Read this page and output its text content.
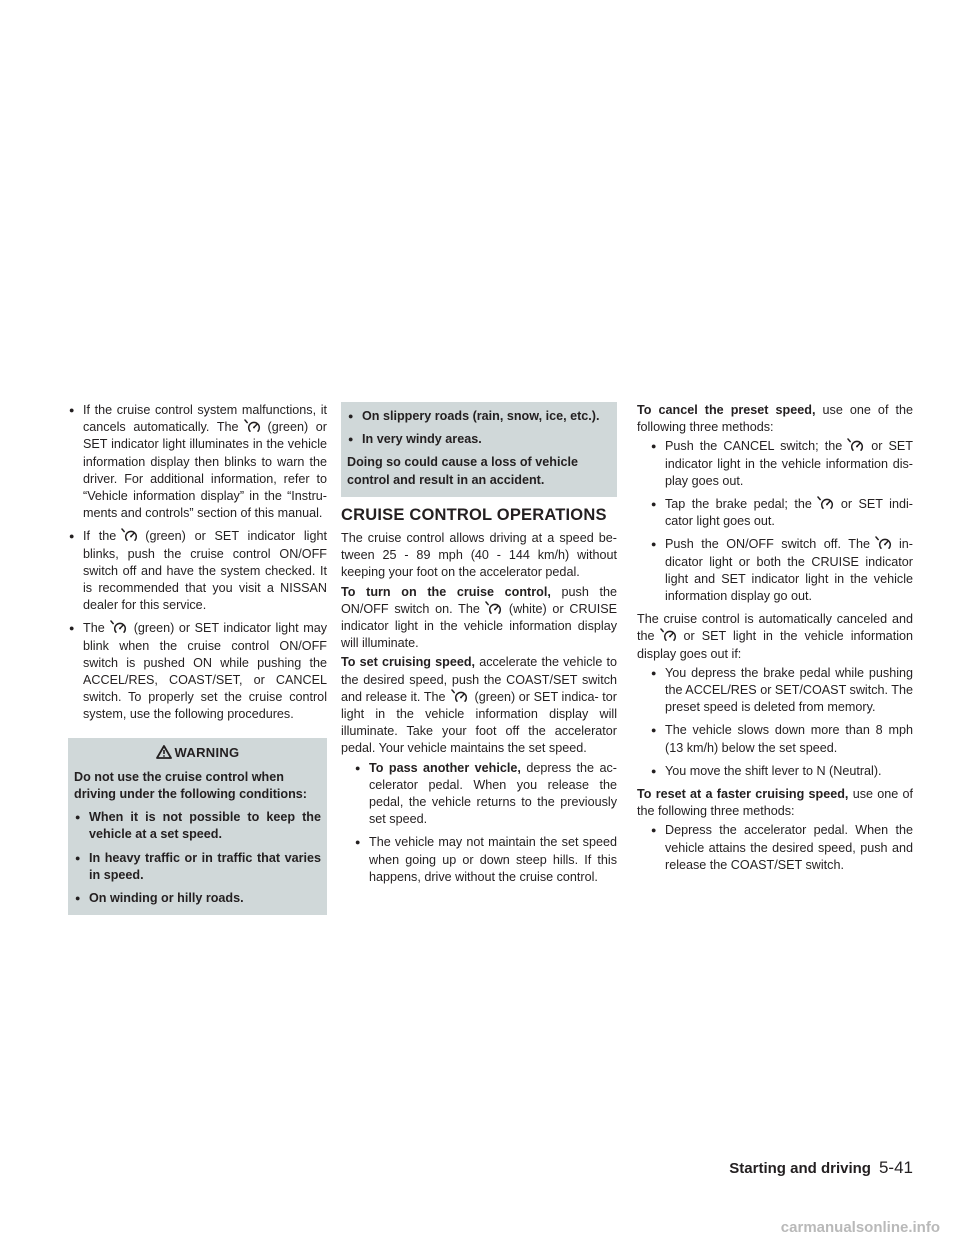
● If the cruise control system malfunctions, it cancels automatically. The (green) or SET indicator light illuminates in the vehicle information display then blinks to warn the driver. For additional information, refer to “Vehicle information display” in the “Instru- ments and controls” section of this manual.

● If the (green) or SET indicator light blinks, push the cruise control ON/OFF switch off and have the system checked. It is recommended that you visit a NISSAN dealer for this service.

● The (green) or SET indicator light may blink when the cruise control ON/OFF switch is pushed ON while pushing the ACCEL/RES, COAST/SET, or CANCEL switch. To properly set the cruise control system, use the following procedures.

WARNING

Do not use the cruise control when driving under the following conditions:

● When it is not possible to keep the vehicle at a set speed.

● In heavy traffic or in traffic that varies in speed.

● On winding or hilly roads.

● On slippery roads (rain, snow, ice, etc.).

● In very windy areas.

Doing so could cause a loss of vehicle control and result in an accident.

CRUISE CONTROL OPERATIONS

The cruise control allows driving at a speed be- tween 25 - 89 mph (40 - 144 km/h) without keeping your foot on the accelerator pedal.

To turn on the cruise control, push the ON/OFF switch on. The (white) or CRUISE indicator light in the vehicle information display will illuminate.

To set cruising speed, accelerate the vehicle to the desired speed, push the COAST/SET switch and release it. The (green) or SET indica- tor light in the vehicle information display will illuminate. Take your foot off the accelerator pedal. Your vehicle maintains the set speed.

● To pass another vehicle, depress the ac- celerator pedal. When you release the pedal, the vehicle returns to the previously set speed.

● The vehicle may not maintain the set speed when going up or down steep hills. If this happens, drive without the cruise control.

To cancel the preset speed, use one of the following three methods:

● Push the CANCEL switch; the or SET indicator light in the vehicle information dis- play goes out.

● Tap the brake pedal; the or SET indi- cator light goes out.

● Push the ON/OFF switch off. The in- dicator light or both the CRUISE indicator light and SET indicator light in the vehicle information display go out.

The cruise control is automatically canceled and the or SET light in the vehicle information display goes out if:

● You depress the brake pedal while pushing the ACCEL/RES or SET/COAST switch. The preset speed is deleted from memory.

● The vehicle slows down more than 8 mph (13 km/h) below the set speed.

● You move the shift lever to N (Neutral).

To reset at a faster cruising speed, use one of the following three methods:

● Depress the accelerator pedal. When the vehicle attains the desired speed, push and release the COAST/SET switch.

Starting and driving 5-41
carmanualsonline.info
